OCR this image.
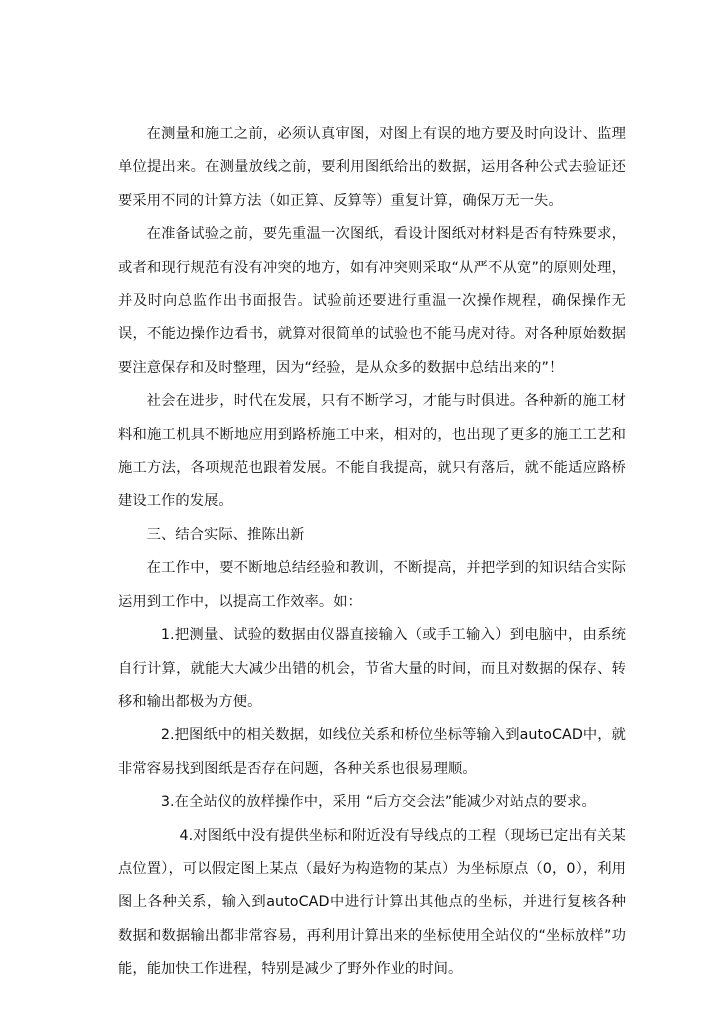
在测量和施工之前，必须认真审图，对图上有误的地方要及时向设计、监理单位提出来。在测量放线之前，要利用图纸给出的数据，运用各种公式去验证还要采用不同的计算方法（如正算、反算等）重复计算，确保万无一失。

在准备试验之前，要先重温一次图纸，看设计图纸对材料是否有特殊要求，或者和现行规范有没有冲突的地方，如有冲突则采取“从严不从宽”的原则处理，并及时向总监作出书面报告。试验前还要进行重温一次操作规程，确保操作无误，不能边操作边看书，就算对很简单的试验也不能马虎对待。对各种原始数据要注意保存和及时整理，因为“经验，是从众多的数据中总结出来的”！

社会在进步，时代在发展，只有不断学习，才能与时俱进。各种新的施工材料和施工机具不断地应用到路桥施工中来，相对的，也出现了更多的施工工艺和施工方法，各项规范也跟着发展。不能自我提高，就只有落后，就不能适应路桥建设工作的发展。

三、结合实际、推陈出新

在工作中，要不断地总结经验和教训，不断提高，并把学到的知识结合实际运用到工作中，以提高工作效率。如：

1.把测量、试验的数据由仪器直接输入（或手工输入）到电脑中，由系统自行计算，就能大大减少出错的机会，节省大量的时间，而且对数据的保存、转移和输出都极为方便。

2.把图纸中的相关数据，如线位关系和桥位坐标等输入到autoCAD中，就非常容易找到图纸是否存在问题，各种关系也很易理顺。

3.在全站仪的放样操作中，采用 “后方交会法”能减少对站点的要求。

4.对图纸中没有提供坐标和附近没有导线点的工程（现场已定出有关某点位置），可以假定图上某点（最好为构造物的某点）为坐标原点（0，0），利用图上各种关系，输入到autoCAD中进行计算出其他点的坐标，并进行复核各种数据和数据输出都非常容易，再利用计算出来的坐标使用全站仪的“坐标放样”功能，能加快工作进程，特别是减少了野外作业的时间。
